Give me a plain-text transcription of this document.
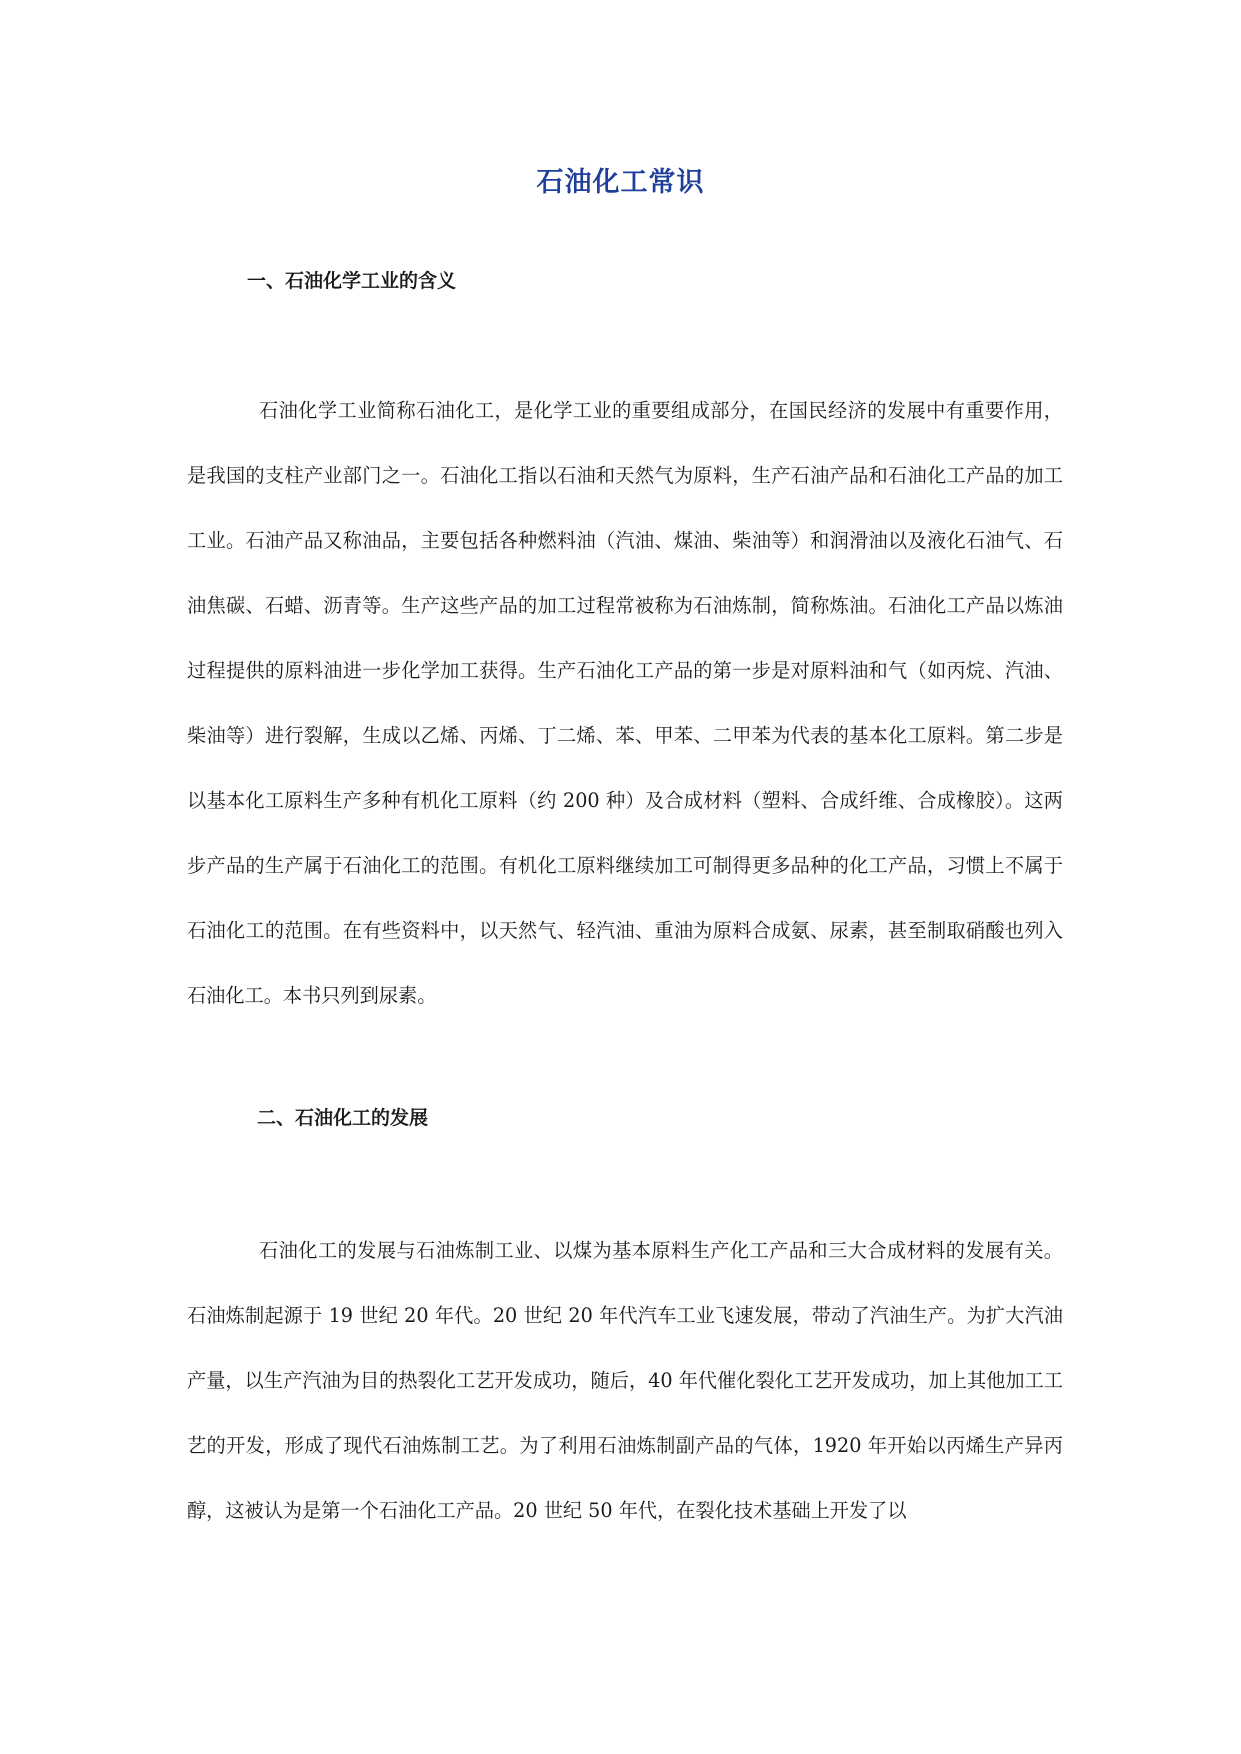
石油化工常识
一、石油化学工业的含义

石油化学工业简称石油化工，是化学工业的重要组成部分，在国民经济的发展中有重要作用，是我国的支柱产业部门之一。石油化工指以石油和天然气为原料，生产石油产品和石油化工产品的加工工业。石油产品又称油品，主要包括各种燃料油（汽油、煤油、柴油等）和润滑油以及液化石油气、石油焦碳、石蜡、沥青等。生产这些产品的加工过程常被称为石油炼制，简称炼油。石油化工产品以炼油过程提供的原料油进一步化学加工获得。生产石油化工产品的第一步是对原料油和气（如丙烷、汽油、柴油等）进行裂解，生成以乙烯、丙烯、丁二烯、苯、甲苯、二甲苯为代表的基本化工原料。第二步是以基本化工原料生产多种有机化工原料（约 200 种）及合成材料（塑料、合成纤维、合成橡胶）。这两步产品的生产属于石油化工的范围。有机化工原料继续加工可制得更多品种的化工产品，习惯上不属于石油化工的范围。在有些资料中，以天然气、轻汽油、重油为原料合成氨、尿素，甚至制取硝酸也列入石油化工。本书只列到尿素。

二、石油化工的发展

石油化工的发展与石油炼制工业、以煤为基本原料生产化工产品和三大合成材料的发展有关。石油炼制起源于 19 世纪 20 年代。20 世纪 20 年代汽车工业飞速发展，带动了汽油生产。为扩大汽油产量，以生产汽油为目的热裂化工艺开发成功，随后，40 年代催化裂化工艺开发成功，加上其他加工工艺的开发，形成了现代石油炼制工艺。为了利用石油炼制副产品的气体，1920 年开始以丙烯生产异丙醇，这被认为是第一个石油化工产品。20 世纪 50 年代，在裂化技术基础上开发了以
